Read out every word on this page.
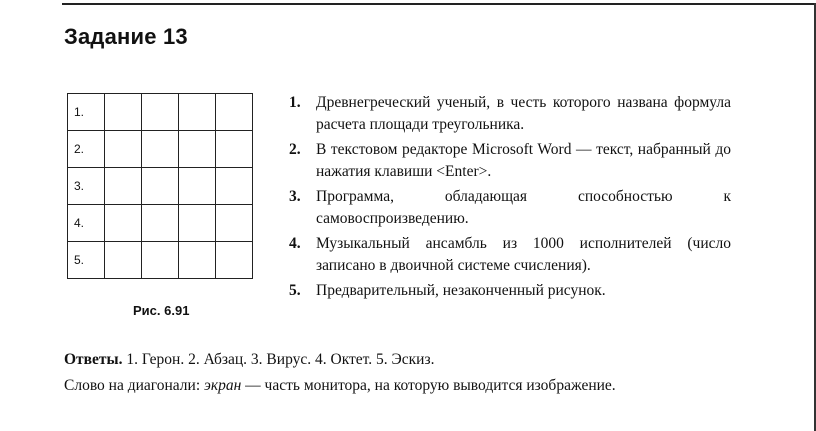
Задание 13
1.				
2.				
3.				
4.				
5.				
Рис. 6.91
1. Древнегреческий ученый, в честь которого названа формула расчета площади треугольника.
2. В текстовом редакторе Microsoft Word — текст, набранный до нажатия клавиши <Enter>.
3. Программа, обладающая способностью к самовоспроизведению.
4. Музыкальный ансамбль из 1000 исполнителей (число записано в двоичной системе счисления).
5. Предварительный, незаконченный рисунок.
Ответы. 1. Герон. 2. Абзац. 3. Вирус. 4. Октет. 5. Эскиз.
Слово на диагонали: экран — часть монитора, на которую выводится изображение.
